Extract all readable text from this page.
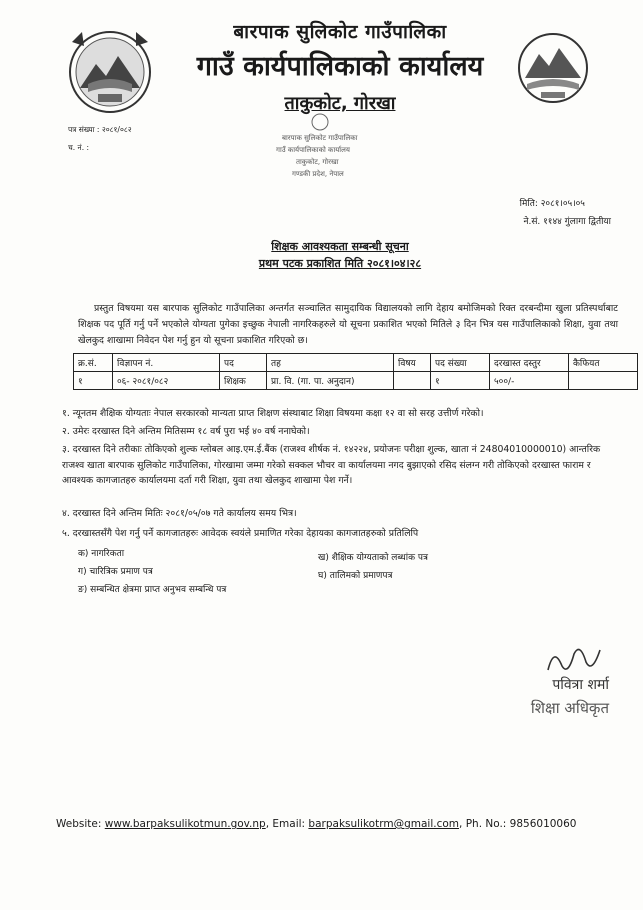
बारपाक सुलिकोट गाउँपालिका
गाउँ कार्यपालिकाको कार्यालय
ताकुकोट, गोरखा
पत्र संख्या : २०८१/०८२
च. नं. :
बारपाक सुलिकोट गाउँपालिका
गाउँ कार्यपालिकाको कार्यालय
ताकुकोट, गोरखा
गण्डकी प्रदेश, नेपाल
मिति: २०८१।०५।०५
ने.सं. ११४४ गुंलागा द्वितीया
शिक्षक आवश्यकता सम्बन्धी सूचना
प्रथम पटक प्रकाशित मिति २०८१।०४।२८
प्रस्तुत विषयमा यस बारपाक सुलिकोट गाउँपालिका अन्तर्गत सञ्चालित सामुदायिक विद्यालयको लागि देहाय बमोजिमको रिक्त दरबन्दीमा खुला प्रतिस्पर्धाबाट शिक्षक पद पूर्ति गर्नु पर्ने भएकोले योग्यता पुगेका इच्छुक नेपाली नागरिकहरुले यो सूचना प्रकाशित भएको मितिले ३ दिन भित्र यस गाउँपालिकाको शिक्षा, युवा तथा खेलकुद शाखामा निवेदन पेश गर्नु हुन यो सूचना प्रकाशित गरिएको छ।
क्र.सं.	विज्ञापन नं.	पद	तह	विषय	पद संख्या	दरखास्त दस्तुर	कैफियत
१	०६- २०८१/०८२	शिक्षक	प्रा. वि. (गा. पा. अनुदान)		१	५००/-	
१. न्यूनतम शैक्षिक योग्यताः नेपाल सरकारको मान्यता प्राप्त शिक्षण संस्थाबाट शिक्षा विषयमा कक्षा १२ वा सो सरह उत्तीर्ण गरेको।
२. उमेरः दरखास्त दिने अन्तिम मितिसम्म १८ वर्ष पुरा भई ४० वर्ष ननाघेको।
३. दरखास्त दिने तरीकाः तोकिएको शुल्क ग्लोबल आइ.एम.ई.बैंक (राजश्व शीर्षक नं. १४२२४, प्रयोजनः परीक्षा शुल्क, खाता नं 24804010000010) आन्तरिक राजश्व खाता बारपाक सुलिकोट गाउँपालिका, गोरखामा जम्मा गरेको सक्कल भौचर वा कार्यालयमा नगद बुझाएको रसिद संलग्न गरी तोकिएको दरखास्त फाराम र आवश्यक कागजातहरु कार्यालयमा दर्ता गरी शिक्षा, युवा तथा खेलकुद शाखामा पेश गर्ने।
४. दरखास्त दिने अन्तिम मितिः २०८१/०५/०७ गते कार्यालय समय भित्र।
५. दरखास्तसँगै पेश गर्नु पर्ने कागजातहरुः आवेदक स्वयंले प्रमाणित गरेका देहायका कागजातहरुको प्रतिलिपि
क) नागरिकता	ख) शैक्षिक योग्यताको लब्धांक पत्र
ग) चारित्रिक प्रमाण पत्र	घ) तालिमको प्रमाणपत्र
ङ) सम्बन्धित क्षेत्रमा प्राप्त अनुभव सम्बन्धि पत्र
पवित्रा शर्मा
शिक्षा अधिकृत
Website: www.barpaksulikotmun.gov.np, Email: barpaksulikotrm@gmail.com, Ph. No.: 9856010060
